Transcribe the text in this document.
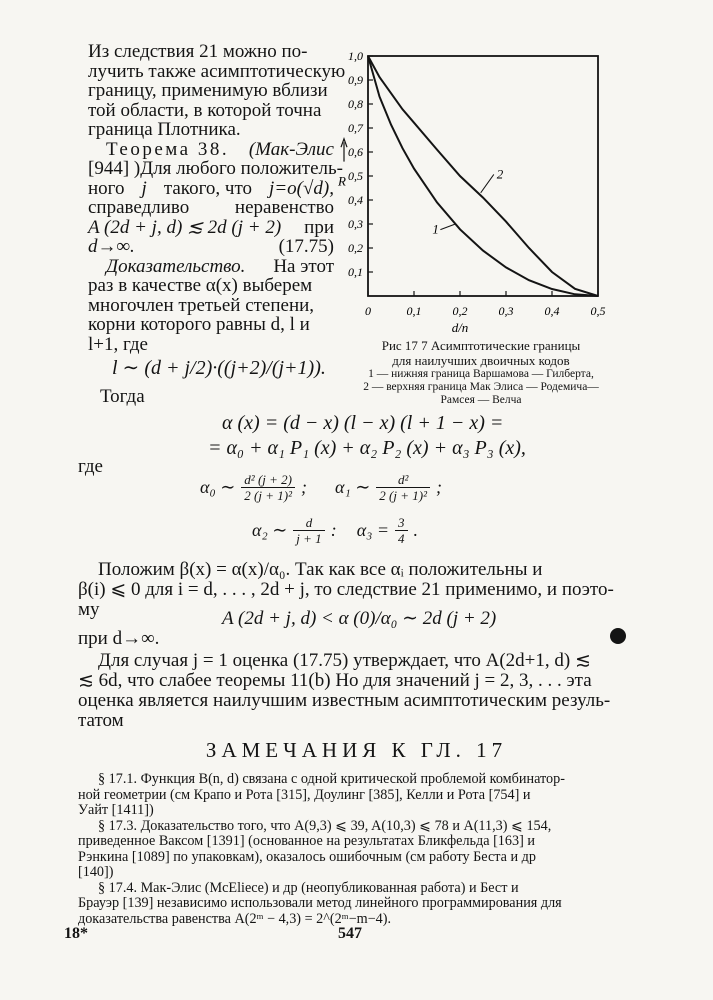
Из следствия 21 можно по-
лучить также асимптотическую
границу, применимую вблизи
той области, в которой точна
граница Плотника.
Теорема 38. (Мак-Элис
[944] ) Для любого положитель-
ного j такого, что j=o(√d),
справедливо неравенство
A (2d + j, d) ≲ 2d (j + 2) при
d→∞.	(17.75)
Доказательство. На этот
раз в качестве α(x) выберем
многочлен третьей степени,
корни которого равны d, l и
l+1, где
l ∼ (d + j/2)·((j+2)/(j+1)).
Тогда
1,0
0,9
0,8
0,7
0,6
0,5
0,4
0,3
0,2
0,1
0	0,1	0,2	0,3	0,4	0,5
R
d/n
1
2
Рис 17 7 Асимптотические границы
для наилучших двоичных кодов
1 — нижняя граница Варшамова — Гилберта,
2 — верхняя граница Мак Элиса — Родемича—
Рамсея — Велча
α (x) = (d − x) (l − x) (l + 1 − x) =
= α₀ + α₁ P₁ (x) + α₂ P₂ (x) + α₃ P₃ (x),
где
α₀ ∼ $\frac{\text{d² (j + 2)}}{\text{2 (j + 1)²}}$ ; α₁ ∼ $\frac{\text{d²}}{\text{2 (j + 1)²}}$ ;
α₂ ∼ $\frac{d}{j + 1}$ : $\alpha_3 = \frac{3}{4}$ .
Положим β(x) = α(x)/α₀. Так как все αᵢ положительны и
β(i) ⩽ 0 для i = d, . . . , 2d + j, то следствие 21 применимо, и поэто-
му	A (2d + j, d) < α (0)/α₀ ∼ 2d (j + 2)
при d→∞.
Для случая j = 1 оценка (17.75) утверждает, что A(2d+1, d) ≲
≲ 6d, что слабее теоремы 11(b) Но для значений j = 2, 3, . . . эта
оценка является наилучшим известным асимптотическим резуль-
татом
ЗАМЕЧАНИЯ К ГЛ. 17
§ 17.1. Функция B(n, d) связана с одной критической проблемой комбинатор-
ной геометрии (см Крапо и Рота [315], Доулинг [385], Келли и Рота [754] и
Уайт [1411])
§ 17.3. Доказательство того, что A(9,3) ⩽ 39, A(10,3) ⩽ 78 и A(11,3) ⩽ 154,
приведенное Ваксом [1391] (основанное на результатах Бликфельда [163] и
Рэнкина [1089] по упаковкам), оказалось ошибочным (см работу Беста и др
[140])
§ 17.4. Мак-Элис (McEliece) и др (неопубликованная работа) и Бест и
Брауэр [139] независимо использовали метод линейного программирования для
доказательства равенства A(2ᵐ − 4,3) = 2^(2ᵐ−m−4).
18*	547
